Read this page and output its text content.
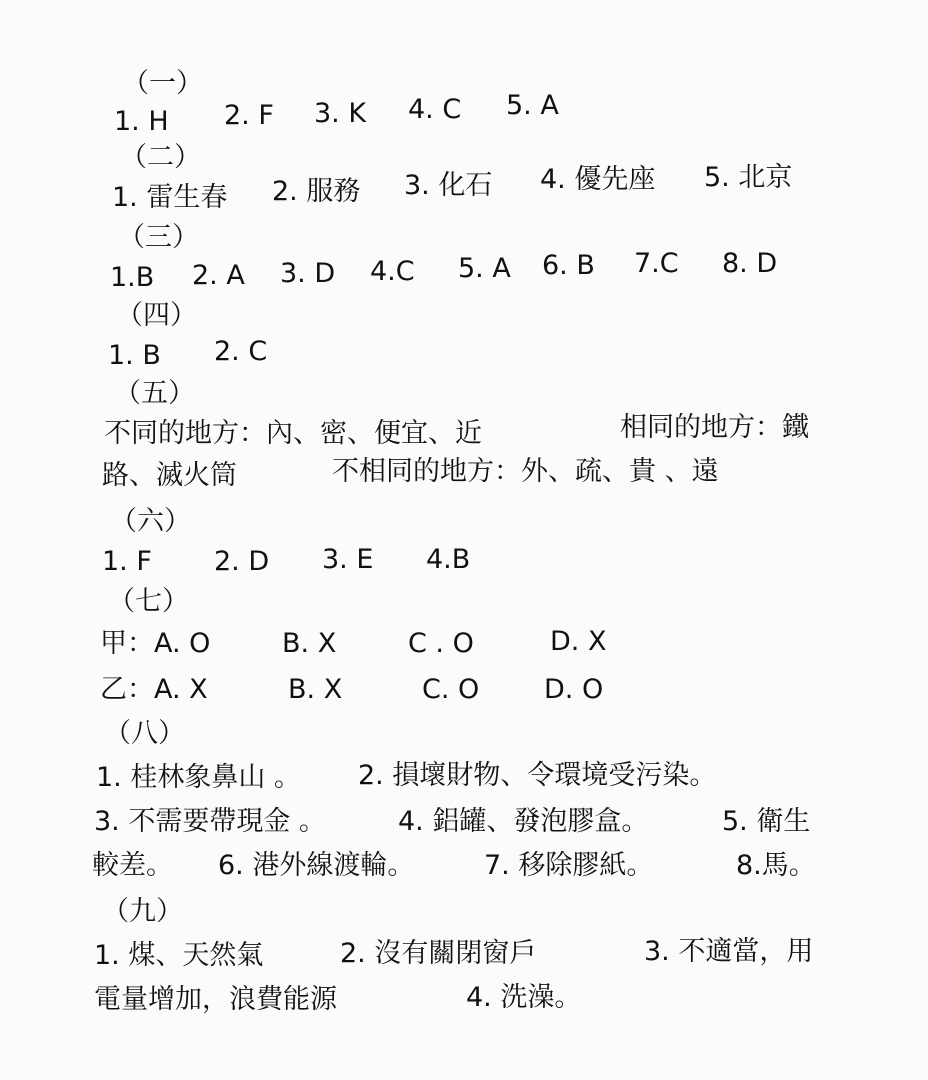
（一）
1. H 2. F 3. K 4. C 5. A
（二）
1. 雷生春 2. 服務 3. 化石 4. 優先座 5. 北京
（三）
1.B 2. A 3. D 4.C 5. A 6. B 7.C 8. D
（四）
1. B 2. C
（五）
不同的地方：內、密、便宜、近	相同的地方：鐵
路、滅火筒	不相同的地方：外、疏、貴 、遠
（六）
1. F 2. D 3. E 4.B
（七）
甲：A. O	B. X	C . O	D. X
乙：A. X	B. X	C. O D. O
（八）
1. 桂林象鼻山 。 2. 損壞財物、令環境受污染。
3. 不需要帶現金 。	4. 鋁罐、發泡膠盒。	5. 衛生
較差。 6. 港外線渡輪。	7. 移除膠紙。	8.馬。
（九）
1. 煤、天然氣	2. 沒有關閉窗戶	3. 不適當，用
電量增加，浪費能源	4. 洗澡。
